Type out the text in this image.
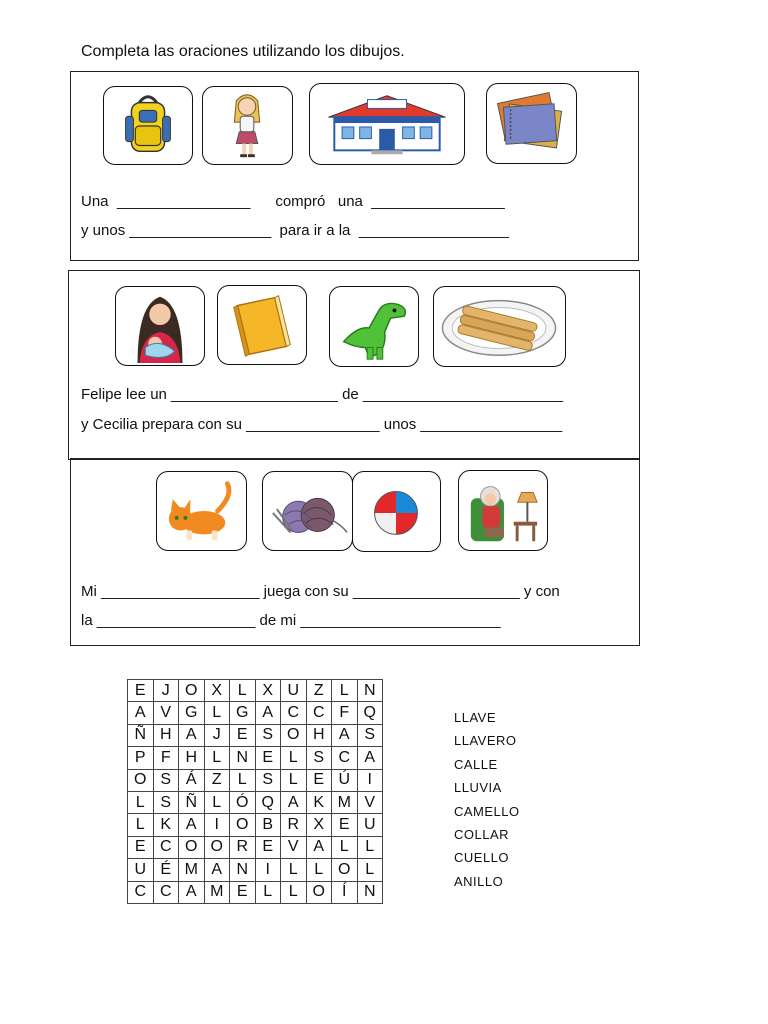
Completa las oraciones utilizando los dibujos.
Una  ________________      compró   una  ________________
y unos _________________  para ir a la  __________________
Felipe lee un ____________________ de ________________________
y Cecilia prepara con su ________________ unos _________________
Mi ___________________ juega con su ____________________ y con
la ___________________ de mi ________________________
E	J	O	X	L	X	U	Z	L	N
A	V	G	L	G	A	C	C	F	Q
Ñ	H	A	J	E	S	O	H	A	S
P	F	H	L	N	E	L	S	C	A
O	S	Á	Z	L	S	L	E	Ú	I
L	S	Ñ	L	Ó	Q	A	K	M	V
L	K	A	I	O	B	R	X	E	U
E	C	O	O	R	E	V	A	L	L
U	É	M	A	N	I	L	L	O	L
C	C	A	M	E	L	L	O	Í	N
LLAVE
LLAVERO
CALLE
LLUVIA
CAMELLO
COLLAR
CUELLO
ANILLO
